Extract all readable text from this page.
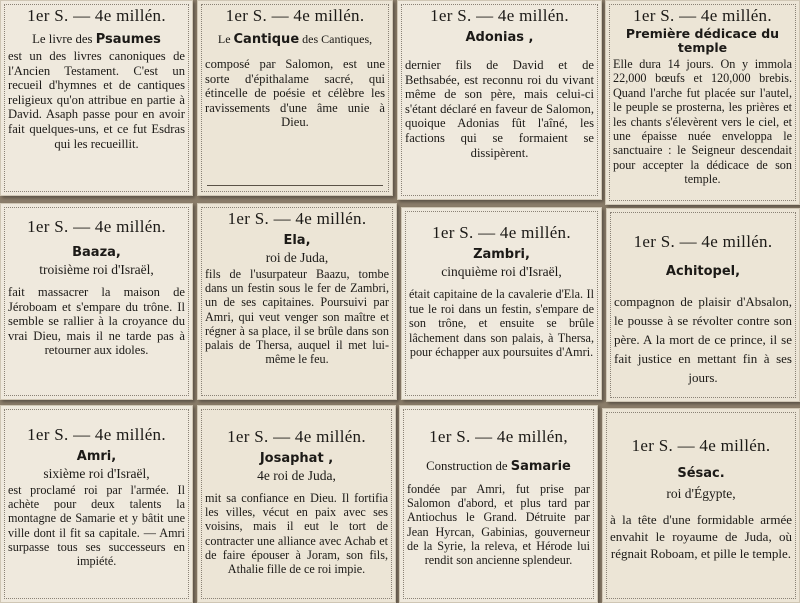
1er S. — 4e millén.
Le livre des Psaumes
est un des livres canoniques de l'Ancien Testament. C'est un recueil d'hymnes et de cantiques religieux qu'on attribue en partie à David. Asaph passe pour en avoir fait quelques-uns, et ce fut Esdras qui les recueillit.
1er S. — 4e millén.
Le Cantique des Cantiques,
composé par Salomon, est une sorte d'épithalame sacré, qui étincelle de poésie et célèbre les ravissements d'une âme unie à Dieu.
1er S. — 4e millén.
Adonias ,
dernier fils de David et de Bethsabée, est reconnu roi du vivant même de son père, mais celui-ci s'étant déclaré en faveur de Salomon, quoique Adonias fût l'aîné, les factions qui se formaient se dissipèrent.
1er S. — 4e millén.
Première dédicace du temple
Elle dura 14 jours. On y immola 22,000 bœufs et 120,000 brebis. Quand l'arche fut placée sur l'autel, le peuple se prosterna, les prières et les chants s'élevèrent vers le ciel, et une épaisse nuée enveloppa le sanctuaire : le Seigneur descendait pour accepter la dédicace de son temple.
1er S. — 4e millén.
Baaza,
troisième roi d'Israël,
fait massacrer la maison de Jéroboam et s'empare du trône. Il semble se rallier à la croyance du vrai Dieu, mais il ne tarde pas à retourner aux idoles.
1er S. — 4e millén.
Ela,
roi de Juda,
fils de l'usurpateur Baazu, tombe dans un festin sous le fer de Zambri, un de ses capitaines. Poursuivi par Amri, qui veut venger son maître et régner à sa place, il se brûle dans son palais de Thersa, auquel il met lui-même le feu.
1er S. — 4e millén.
Zambri,
cinquième roi d'Israël,
était capitaine de la cavalerie d'Ela. Il tue le roi dans un festin, s'empare de son trône, et ensuite se brûle lâchement dans son palais, à Thersa, pour échapper aux poursuites d'Amri.
1er S. — 4e millén.
Achitopel,
compagnon de plaisir d'Absalon, le pousse à se révolter contre son père. A la mort de ce prince, il se fait justice en mettant fin à ses jours.
1er S. — 4e millén.
Amri,
sixième roi d'Israël,
est proclamé roi par l'armée. Il achète pour deux talents la montagne de Samarie et y bâtit une ville dont il fit sa capitale. — Amri surpasse tous ses successeurs en impiété.
1er S. — 4e millén.
Josaphat ,
4e roi de Juda,
mit sa confiance en Dieu. Il fortifia les villes, vécut en paix avec ses voisins, mais il eut le tort de contracter une alliance avec Achab et de faire épouser à Joram, son fils, Athalie fille de ce roi impie.
1er S. — 4e millén,
Construction de Samarie
fondée par Amri, fut prise par Salomon d'abord, et plus tard par Antiochus le Grand. Détruite par Jean Hyrcan, Gabinias, gouverneur de la Syrie, la releva, et Hérode lui rendit son ancienne splendeur.
1er S. — 4e millén.
Sésac.
roi d'Égypte,
à la tête d'une formidable armée envahit le royaume de Juda, où régnait Roboam, et pille le temple.
